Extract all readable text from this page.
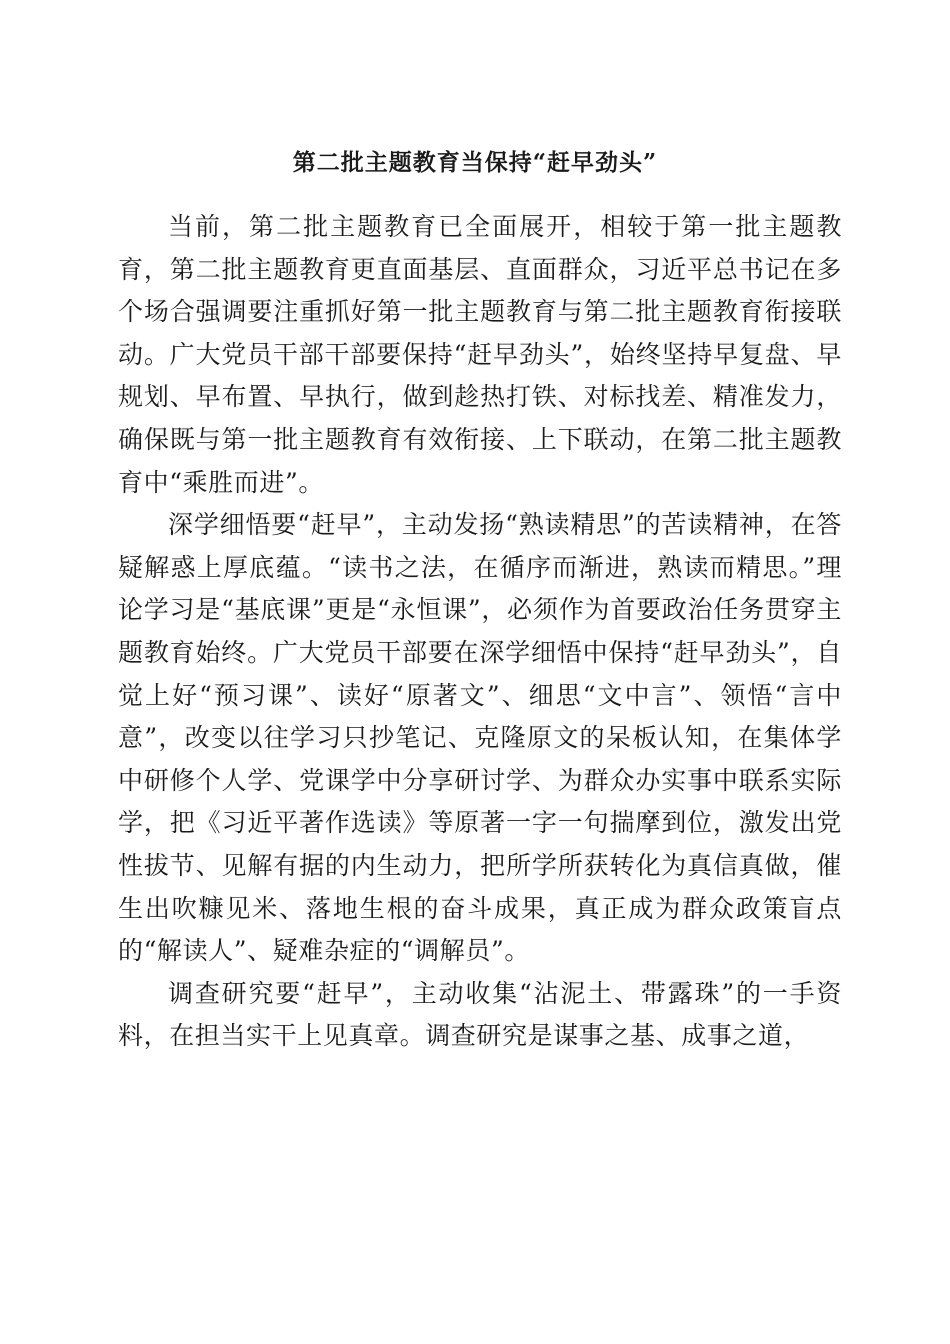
第二批主题教育当保持“赶早劲头”

当前，第二批主题教育已全面展开，相较于第一批主题教育，第二批主题教育更直面基层、直面群众，习近平总书记在多个场合强调要注重抓好第一批主题教育与第二批主题教育衔接联动。广大党员干部干部要保持“赶早劲头”，始终坚持早复盘、早规划、早布置、早执行，做到趁热打铁、对标找差、精准发力，确保既与第一批主题教育有效衔接、上下联动，在第二批主题教育中“乘胜而进”。

深学细悟要“赶早”，主动发扬“熟读精思”的苦读精神，在答疑解惑上厚底蕴。“读书之法，在循序而渐进，熟读而精思。”理论学习是“基底课”更是“永恒课”，必须作为首要政治任务贯穿主题教育始终。广大党员干部要在深学细悟中保持“赶早劲头”，自觉上好“预习课”、读好“原著文”、细思“文中言”、领悟“言中意”，改变以往学习只抄笔记、克隆原文的呆板认知，在集体学中研修个人学、党课学中分享研讨学、为群众办实事中联系实际学，把《习近平著作选读》等原著一字一句揣摩到位，激发出党性拔节、见解有据的内生动力，把所学所获转化为真信真做，催生出吹糠见米、落地生根的奋斗成果，真正成为群众政策盲点的“解读人”、疑难杂症的“调解员”。

调查研究要“赶早”，主动收集“沾泥土、带露珠”的一手资料，在担当实干上见真章。调查研究是谋事之基、成事之道，
